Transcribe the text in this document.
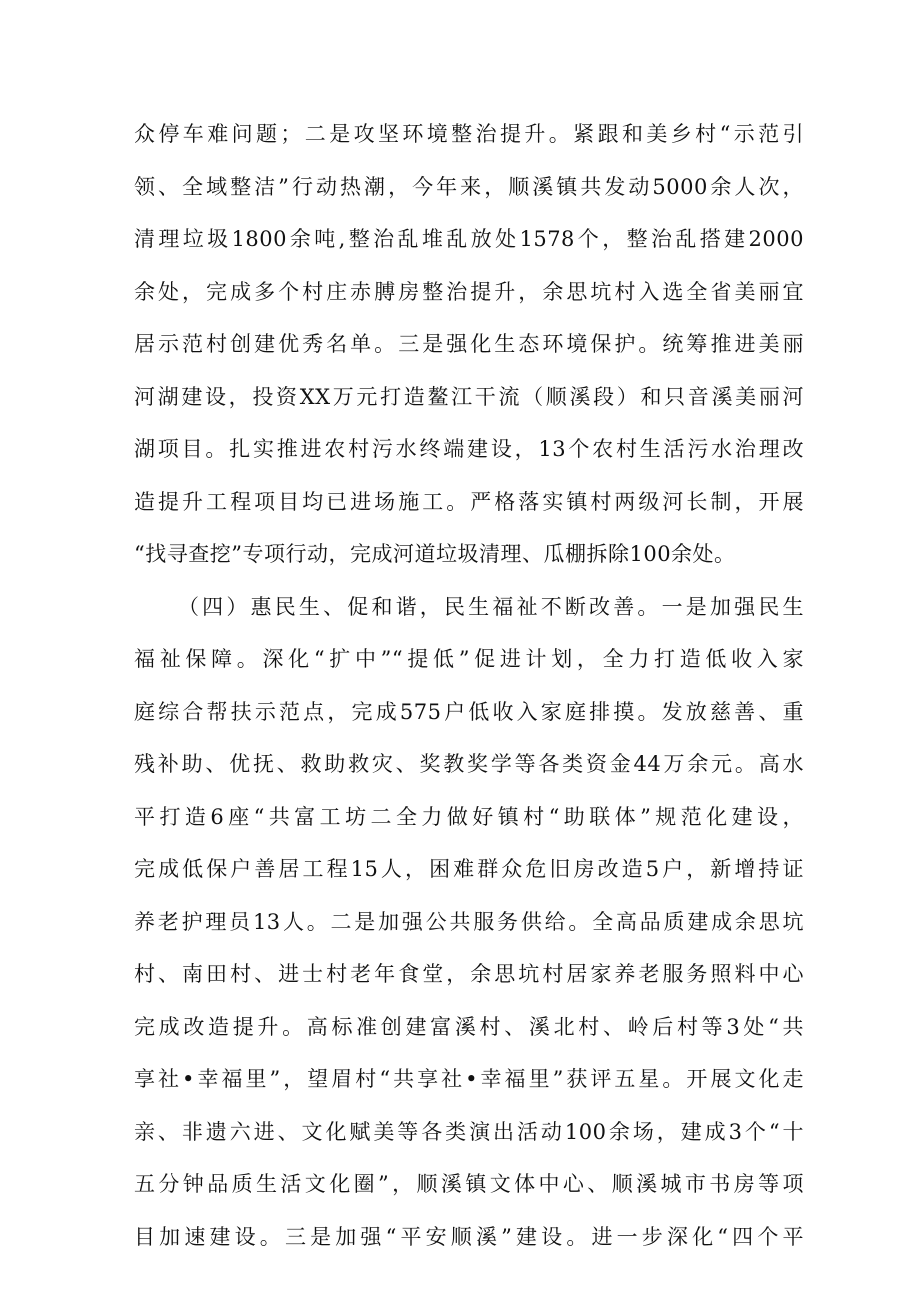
众停车难问题；二是攻坚环境整治提升。紧跟和美乡村“示范引
领、全域整洁”行动热潮，今年来，顺溪镇共发动5000余人次，
清理垃圾1800余吨,整治乱堆乱放处1578个，整治乱搭建2000
余处，完成多个村庄赤膊房整治提升，余思坑村入选全省美丽宜
居示范村创建优秀名单。三是强化生态环境保护。统筹推进美丽
河湖建设，投资XX万元打造鳌江干流（顺溪段）和只音溪美丽河
湖项目。扎实推进农村污水终端建设，13个农村生活污水治理改
造提升工程项目均已进场施工。严格落实镇村两级河长制，开展
“找寻查挖”专项行动，完成河道垃圾清理、瓜棚拆除100余处。
（四）惠民生、促和谐，民生福祉不断改善。一是加强民生
福祉保障。深化“扩中”“提低”促进计划，全力打造低收入家
庭综合帮扶示范点，完成575户低收入家庭排摸。发放慈善、重
残补助、优抚、救助救灾、奖教奖学等各类资金44万余元。高水
平打造6座“共富工坊二全力做好镇村“助联体”规范化建设，
完成低保户善居工程15人，困难群众危旧房改造5户，新增持证
养老护理员13人。二是加强公共服务供给。全高品质建成余思坑
村、南田村、进士村老年食堂，余思坑村居家养老服务照料中心
完成改造提升。高标准创建富溪村、溪北村、岭后村等3处“共
享社•幸福里”，望眉村“共享社•幸福里”获评五星。开展文化走
亲、非遗六进、文化赋美等各类演出活动100余场，建成3个“十
五分钟品质生活文化圈”，顺溪镇文体中心、顺溪城市书房等项
目加速建设。三是加强“平安顺溪”建设。进一步深化“四个平
